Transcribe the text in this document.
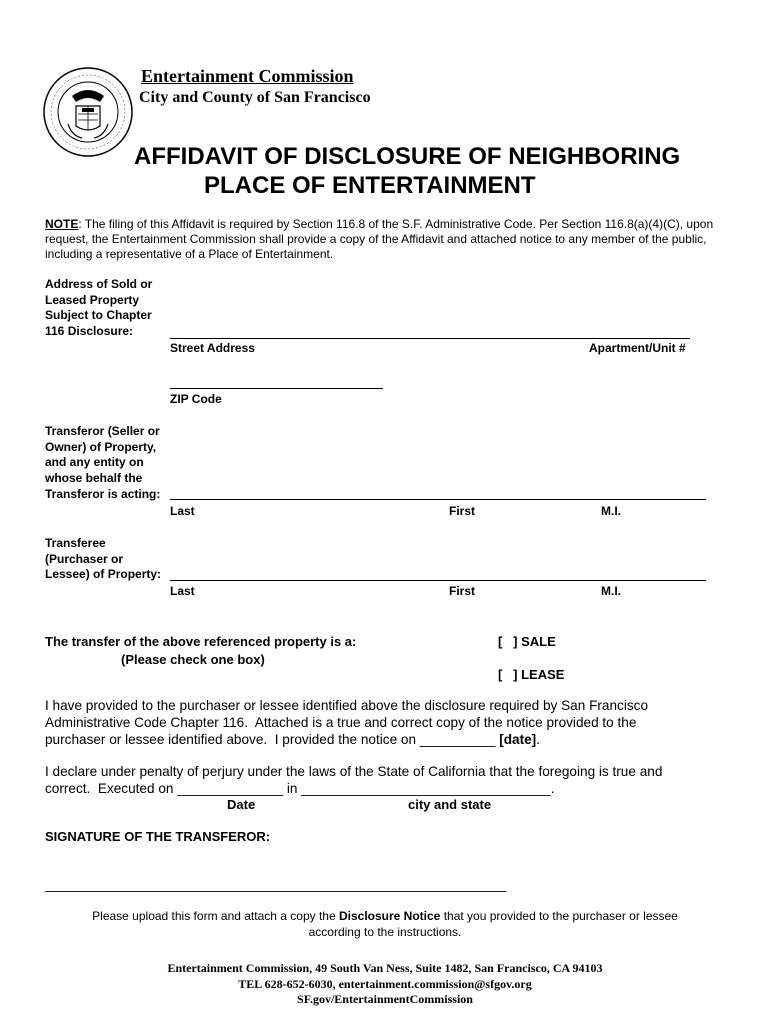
Entertainment Commission
City and County of San Francisco
AFFIDAVIT OF DISCLOSURE OF NEIGHBORING
PLACE OF ENTERTAINMENT
NOTE: The filing of this Affidavit is required by Section 116.8 of the S.F. Administrative Code. Per Section 116.8(a)(4)(C), upon request, the Entertainment Commission shall provide a copy of the Affidavit and attached notice to any member of the public, including a representative of a Place of Entertainment.
Address of Sold or
Leased Property
Subject to Chapter
116 Disclosure:
Street Address	Apartment/Unit #
ZIP Code
Transferor (Seller or
Owner) of Property,
and any entity on
whose behalf the
Transferor is acting:
Last	First	M.I.
Transferee
(Purchaser or
Lessee) of Property:
Last	First	M.I.
The transfer of the above referenced property is a:
(Please check one box)
[   ] SALE
[   ] LEASE
I have provided to the purchaser or lessee identified above the disclosure required by San Francisco
Administrative Code Chapter 116.  Attached is a true and correct copy of the notice provided to the
purchaser or lessee identified above.  I provided the notice on __________ [date].
I declare under penalty of perjury under the laws of the State of California that the foregoing is true and
correct.  Executed on ______________ in _________________________________.
Date	city and state
SIGNATURE OF THE TRANSFEROR:
_____________________________________________________________
Please upload this form and attach a copy the Disclosure Notice that you provided to the purchaser or lessee
according to the instructions.
Entertainment Commission, 49 South Van Ness, Suite 1482, San Francisco, CA 94103
TEL 628-652-6030, entertainment.commission@sfgov.org
SF.gov/EntertainmentCommission
